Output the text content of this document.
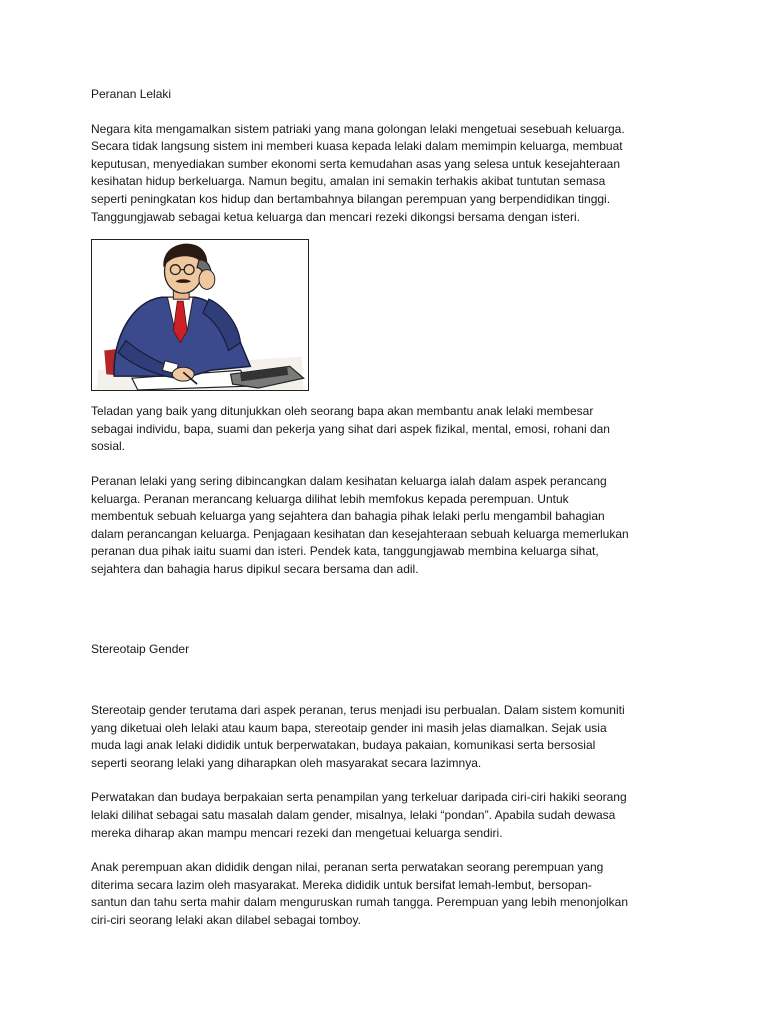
Peranan Lelaki

Negara kita mengamalkan sistem patriaki yang mana golongan lelaki mengetuai sesebuah keluarga.
Secara tidak langsung sistem ini memberi kuasa kepada lelaki dalam memimpin keluarga, membuat
keputusan, menyediakan sumber ekonomi serta kemudahan asas yang selesa untuk kesejahteraan
kesihatan hidup berkeluarga. Namun begitu, amalan ini semakin terhakis akibat tuntutan semasa
seperti peningkatan kos hidup dan bertambahnya bilangan perempuan yang berpendidikan tinggi.
Tanggungjawab sebagai ketua keluarga dan mencari rezeki dikongsi bersama dengan isteri.

Teladan yang baik yang ditunjukkan oleh seorang bapa akan membantu anak lelaki membesar
sebagai individu, bapa, suami dan pekerja yang sihat dari aspek fizikal, mental, emosi, rohani dan
sosial.

Peranan lelaki yang sering dibincangkan dalam kesihatan keluarga ialah dalam aspek perancang
keluarga. Peranan merancang keluarga dilihat lebih memfokus kepada perempuan. Untuk
membentuk sebuah keluarga yang sejahtera dan bahagia pihak lelaki perlu mengambil bahagian
dalam perancangan keluarga. Penjagaan kesihatan dan kesejahteraan sebuah keluarga memerlukan
peranan dua pihak iaitu suami dan isteri. Pendek kata, tanggungjawab membina keluarga sihat,
sejahtera dan bahagia harus dipikul secara bersama dan adil.

Stereotaip Gender

Stereotaip gender terutama dari aspek peranan, terus menjadi isu perbualan. Dalam sistem komuniti
yang diketuai oleh lelaki atau kaum bapa, stereotaip gender ini masih jelas diamalkan. Sejak usia
muda lagi anak lelaki dididik untuk berperwatakan, budaya pakaian, komunikasi serta bersosial
seperti seorang lelaki yang diharapkan oleh masyarakat secara lazimnya.

Perwatakan dan budaya berpakaian serta penampilan yang terkeluar daripada ciri-ciri hakiki seorang
lelaki dilihat sebagai satu masalah dalam gender, misalnya, lelaki “pondan”. Apabila sudah dewasa
mereka diharap akan mampu mencari rezeki dan mengetuai keluarga sendiri.

Anak perempuan akan dididik dengan nilai, peranan serta perwatakan seorang perempuan yang
diterima secara lazim oleh masyarakat. Mereka dididik untuk bersifat lemah-lembut, bersopan-
santun dan tahu serta mahir dalam menguruskan rumah tangga. Perempuan yang lebih menonjolkan
ciri-ciri seorang lelaki akan dilabel sebagai tomboy.
